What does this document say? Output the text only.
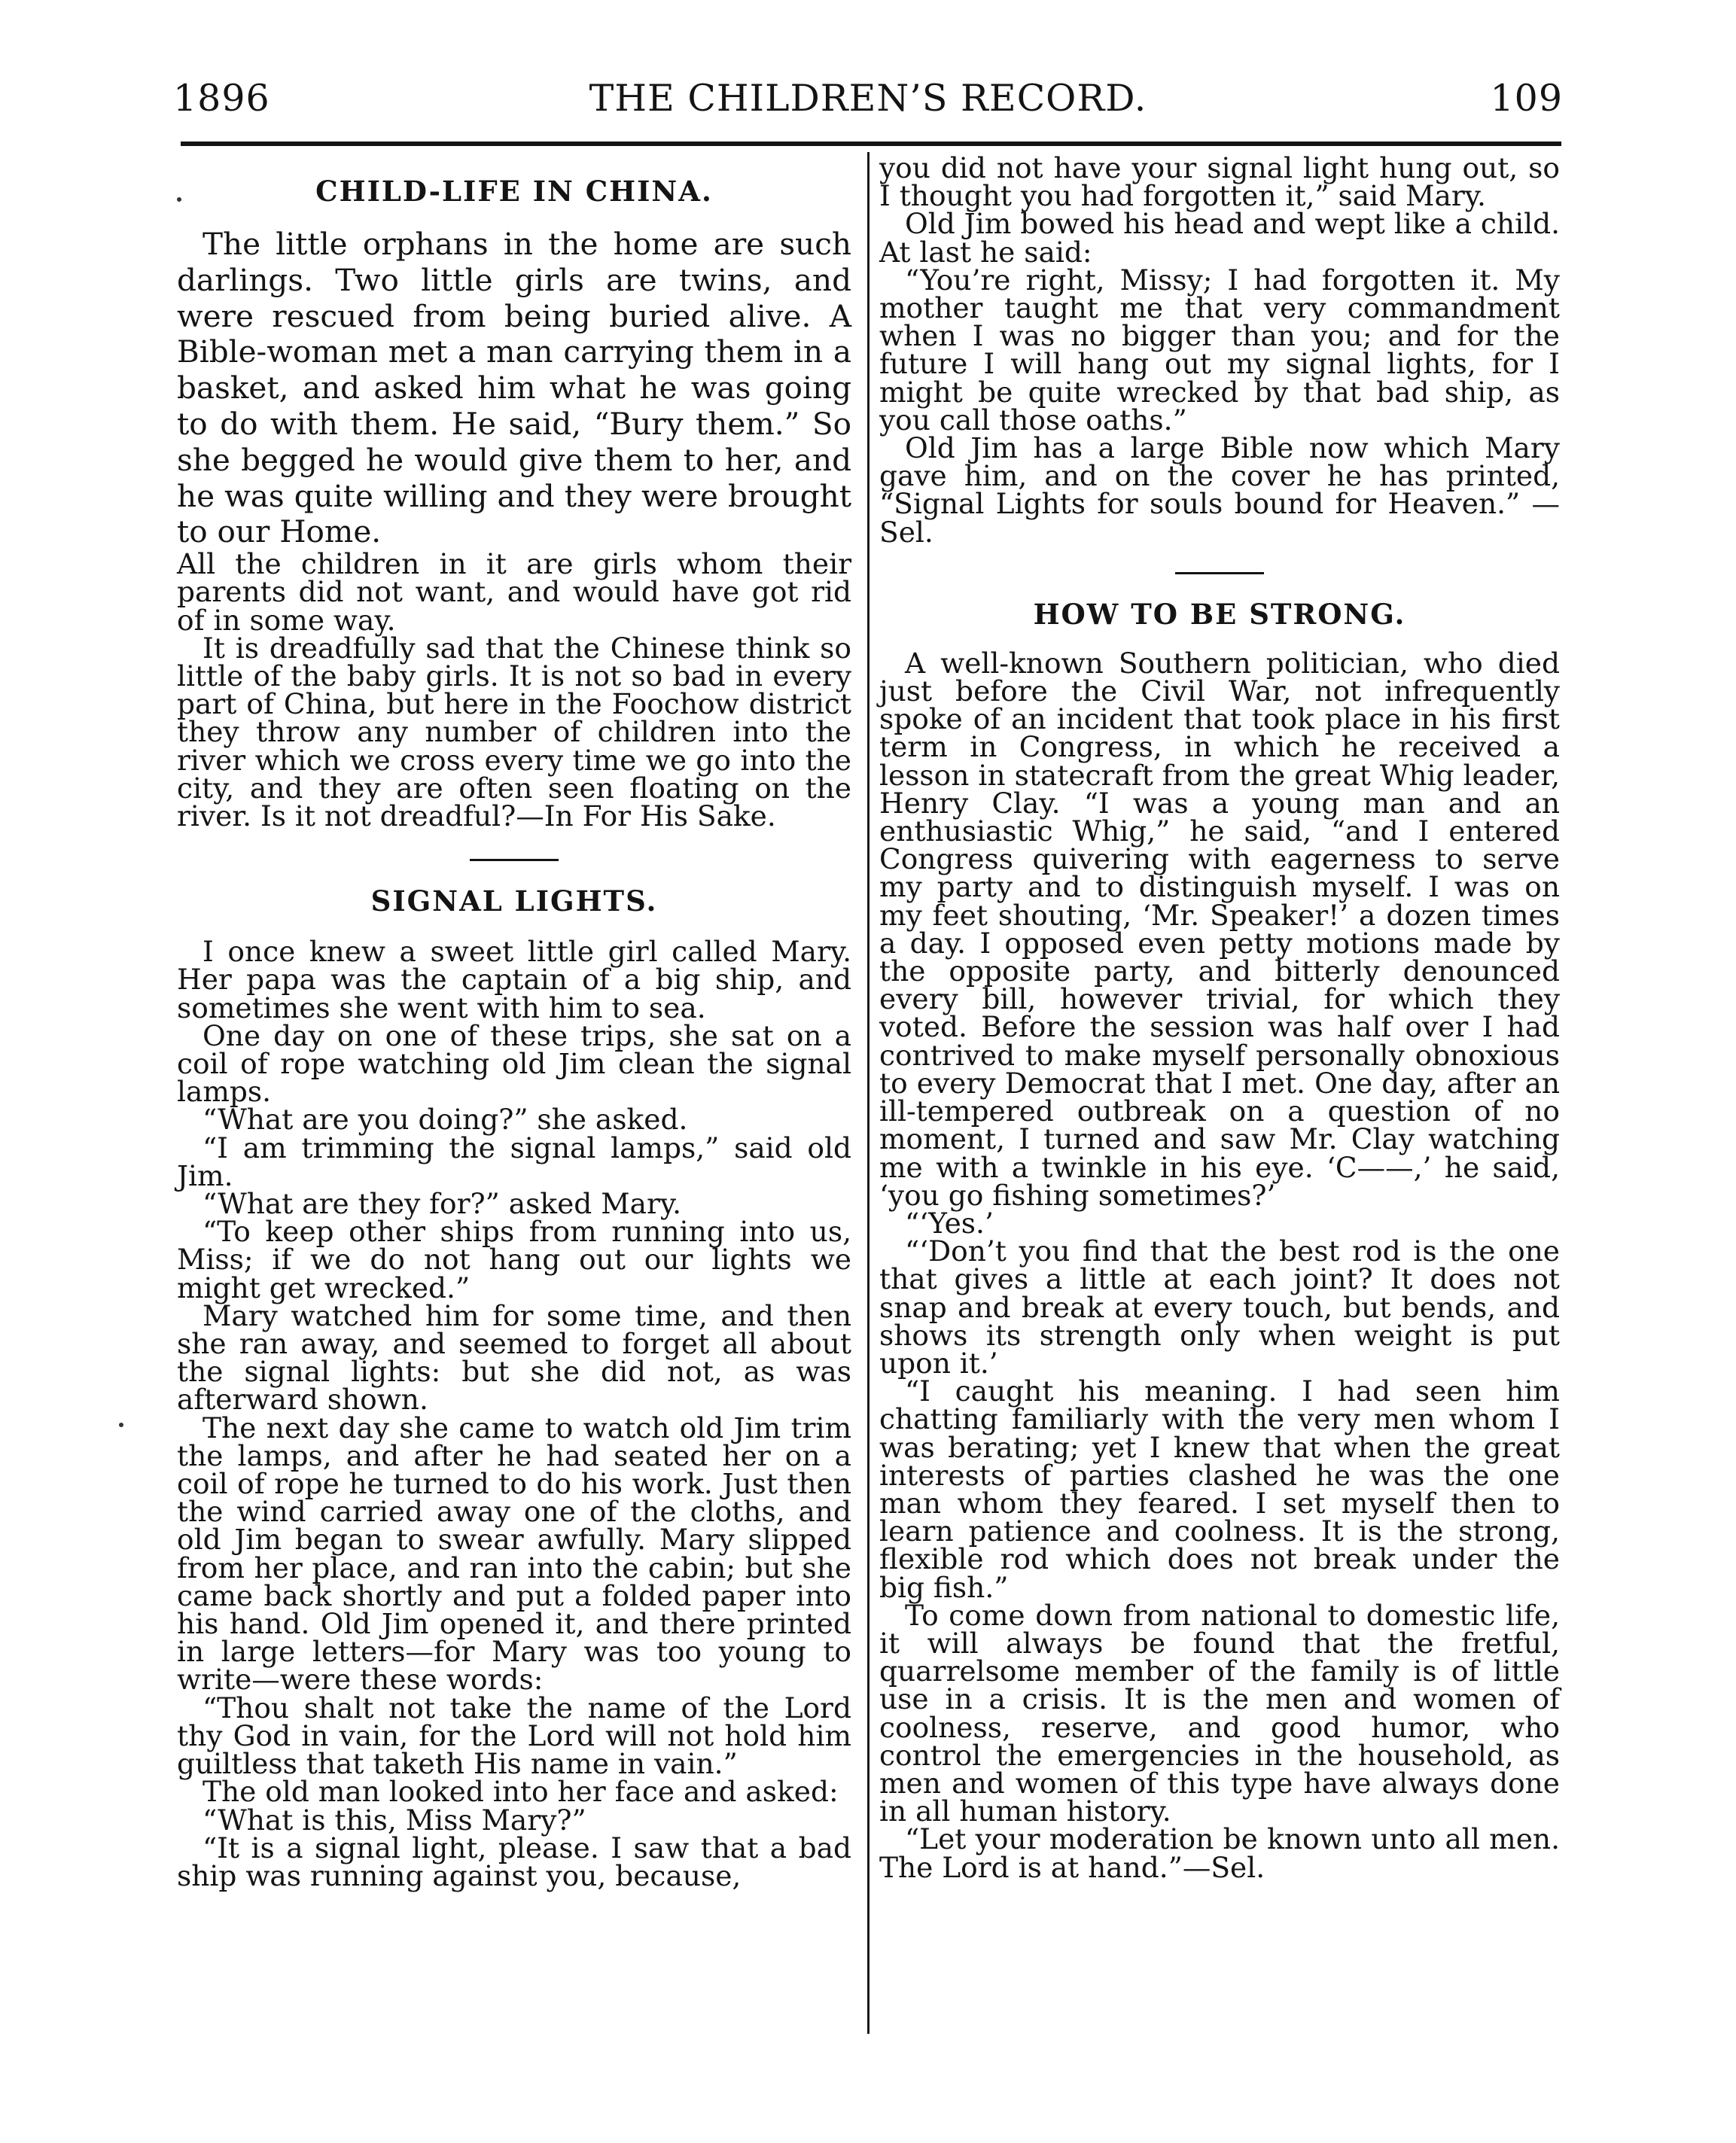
1896	THE CHILDREN’S RECORD.	109
CHILD-LIFE IN CHINA.

The little orphans in the home are such darlings. Two little girls are twins, and were rescued from being buried alive. A Bible-woman met a man carrying them in a basket, and asked him what he was going to do with them. He said, “Bury them.” So she begged he would give them to her, and he was quite willing and they were brought to our Home.

All the children in it are girls whom their parents did not want, and would have got rid of in some way.

It is dreadfully sad that the Chinese think so little of the baby girls. It is not so bad in every part of China, but here in the Foochow district they throw any number of children into the river which we cross every time we go into the city, and they are often seen floating on the river. Is it not dreadful?—In For His Sake.

SIGNAL LIGHTS.

I once knew a sweet little girl called Mary. Her papa was the captain of a big ship, and sometimes she went with him to sea.

One day on one of these trips, she sat on a coil of rope watching old Jim clean the signal lamps.

“What are you doing?” she asked.

“I am trimming the signal lamps,” said old Jim.

“What are they for?” asked Mary.

“To keep other ships from running into us, Miss; if we do not hang out our lights we might get wrecked.”

Mary watched him for some time, and then she ran away, and seemed to forget all about the signal lights: but she did not, as was afterward shown.

The next day she came to watch old Jim trim the lamps, and after he had seated her on a coil of rope he turned to do his work. Just then the wind carried away one of the cloths, and old Jim began to swear awfully. Mary slipped from her place, and ran into the cabin; but she came back shortly and put a folded paper into his hand. Old Jim opened it, and there printed in large letters—for Mary was too young to write—were these words:

“Thou shalt not take the name of the Lord thy God in vain, for the Lord will not hold him guiltless that taketh His name in vain.”

The old man looked into her face and asked:

“What is this, Miss Mary?”

“It is a signal light, please. I saw that a bad ship was running against you, because,

you did not have your signal light hung out, so I thought you had forgotten it,” said Mary.

Old Jim bowed his head and wept like a child. At last he said:

“You’re right, Missy; I had forgotten it. My mother taught me that very commandment when I was no bigger than you; and for the future I will hang out my signal lights, for I might be quite wrecked by that bad ship, as you call those oaths.”

Old Jim has a large Bible now which Mary gave him, and on the cover he has printed, “Signal Lights for souls bound for Heaven.” —Sel.

HOW TO BE STRONG.

A well-known Southern politician, who died just before the Civil War, not infrequently spoke of an incident that took place in his first term in Congress, in which he received a lesson in statecraft from the great Whig leader, Henry Clay. “I was a young man and an enthusiastic Whig,” he said, “and I entered Congress quivering with eagerness to serve my party and to distinguish myself. I was on my feet shouting, ‘Mr. Speaker!’ a dozen times a day. I opposed even petty motions made by the opposite party, and bitterly denounced every bill, however trivial, for which they voted. Before the session was half over I had contrived to make myself personally obnoxious to every Democrat that I met. One day, after an ill-tempered outbreak on a question of no moment, I turned and saw Mr. Clay watching me with a twinkle in his eye. ‘C——,’ he said, ‘you go fishing sometimes?’

“‘Yes.’

“‘Don’t you find that the best rod is the one that gives a little at each joint? It does not snap and break at every touch, but bends, and shows its strength only when weight is put upon it.’

“I caught his meaning. I had seen him chatting familiarly with the very men whom I was berating; yet I knew that when the great interests of parties clashed he was the one man whom they feared. I set myself then to learn patience and coolness. It is the strong, flexible rod which does not break under the big fish.”

To come down from national to domestic life, it will always be found that the fretful, quarrelsome member of the family is of little use in a crisis. It is the men and women of coolness, reserve, and good humor, who control the emergencies in the household, as men and women of this type have always done in all human history.

“Let your moderation be known unto all men. The Lord is at hand.”—Sel.
